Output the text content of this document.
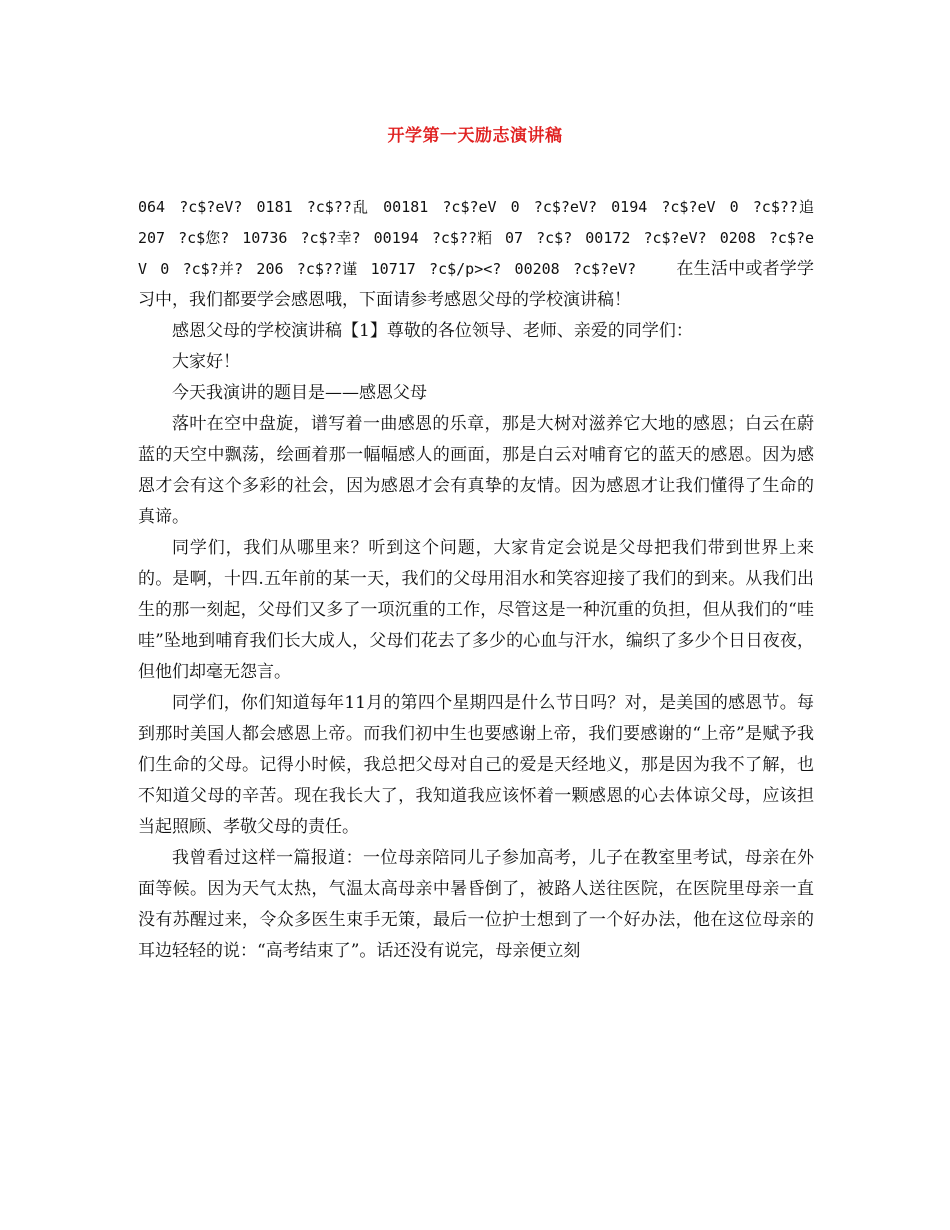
开学第一天励志演讲稿

064 ?c$?eV? 0181 ?c$??乱 00181 ?c$?eV 0 ?c$?eV? 0194 ?c$?eV 0 ?c$??追 207 ?c$您? 10736 ?c$?幸? 00194 ?c$??粨 07 ?c$? 00172 ?c$?eV? 0208 ?c$?eV 0 ?c$?并? 206 ?c$??谨 10717 ?c$/p><? 00208 ?c$?eV? 在生活中或者学学习中，我们都要学会感恩哦，下面请参考感恩父母的学校演讲稿！

感恩父母的学校演讲稿【1】尊敬的各位领导、老师、亲爱的同学们：

大家好！

今天我演讲的题目是——感恩父母

落叶在空中盘旋，谱写着一曲感恩的乐章，那是大树对滋养它大地的感恩；白云在蔚蓝的天空中飘荡，绘画着那一幅幅感人的画面，那是白云对哺育它的蓝天的感恩。因为感恩才会有这个多彩的社会，因为感恩才会有真挚的友情。因为感恩才让我们懂得了生命的真谛。

同学们，我们从哪里来？听到这个问题，大家肯定会说是父母把我们带到世界上来的。是啊，十四.五年前的某一天，我们的父母用泪水和笑容迎接了我们的到来。从我们出生的那一刻起，父母们又多了一项沉重的工作，尽管这是一种沉重的负担，但从我们的“哇哇”坠地到哺育我们长大成人，父母们花去了多少的心血与汗水，编织了多少个日日夜夜，但他们却毫无怨言。

同学们，你们知道每年11月的第四个星期四是什么节日吗？对，是美国的感恩节。每到那时美国人都会感恩上帝。而我们初中生也要感谢上帝，我们要感谢的“上帝”是赋予我们生命的父母。记得小时候，我总把父母对自己的爱是天经地义，那是因为我不了解，也不知道父母的辛苦。现在我长大了，我知道我应该怀着一颗感恩的心去体谅父母，应该担当起照顾、孝敬父母的责任。

我曾看过这样一篇报道：一位母亲陪同儿子参加高考，儿子在教室里考试，母亲在外面等候。因为天气太热，气温太高母亲中暑昏倒了，被路人送往医院，在医院里母亲一直没有苏醒过来，令众多医生束手无策，最后一位护士想到了一个好办法，他在这位母亲的耳边轻轻的说：“高考结束了”。话还没有说完，母亲便立刻
